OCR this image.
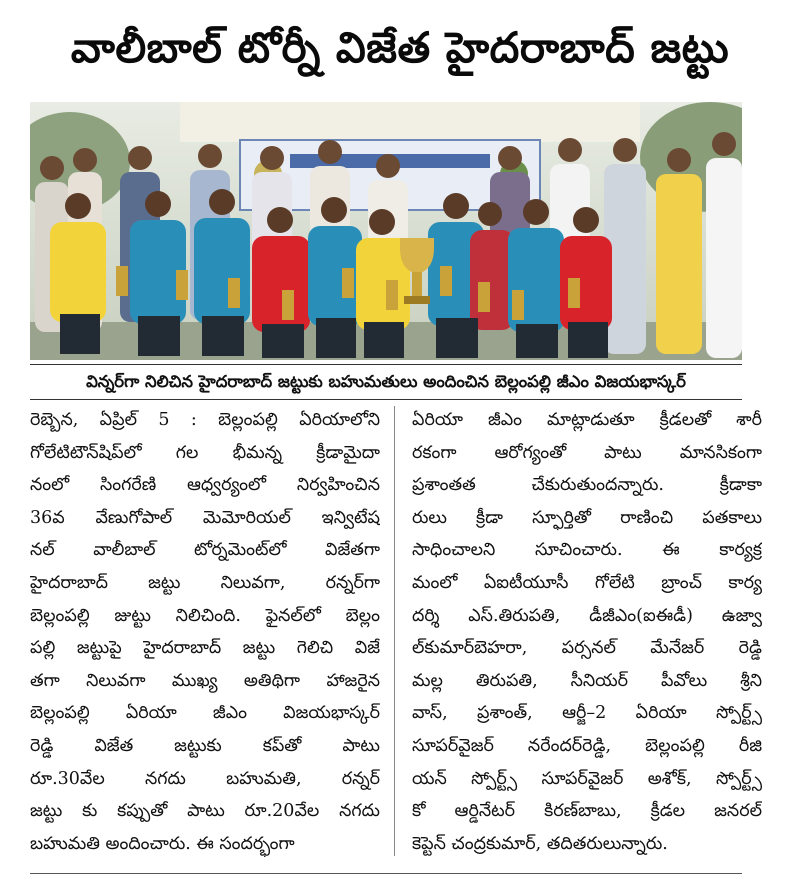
వాలీబాల్ టోర్నీ విజేత హైదరాబాద్ జట్టు
విన్నర్‌గా నిలిచిన హైదరాబాద్ జట్టుకు బహుమతులు అందించిన బెల్లంపల్లి జీఎం విజయభాస్కర్
రెబ్బెన, ఏప్రిల్ 5 : బెల్లంపల్లి ఏరియాలోని
గోలేటిటౌన్‌షిప్‌లో గల భీమన్న క్రీడామైదా
నంలో సింగరేణి ఆధ్వర్యంలో నిర్వహించిన
36వ వేణుగోపాల్ మెమోరియల్ ఇన్విటేష
నల్ వాలీబాల్ టోర్నమెంట్‌లో విజేతగా
హైదరాబాద్ జట్టు నిలువగా, రన్నర్‌గా
బెల్లంపల్లి జుట్టు నిలిచింది. ఫైనల్‌లో బెల్లం
పల్లి జట్టుపై హైదరాబాద్ జట్టు గెలిచి విజే
తగా నిలువగా ముఖ్య అతిథిగా హాజరైన
బెల్లంపల్లి ఏరియా జీఎం విజయభాస్కర్
రెడ్డి విజేత జట్టుకు కప్‌తో పాటు
రూ.30వేల నగదు బహుమతి, రన్నర్
జట్టు కు కప్పుతో పాటు రూ.20వేల నగదు
బహుమతి అందించారు. ఈ సందర్భంగా
ఏరియా జీఎం మాట్లాడుతూ క్రీడలతో శారీ
రకంగా ఆరోగ్యంతో పాటు మానసికంగా
ప్రశాంతత చేకురుతుందన్నారు. క్రీడాకా
రులు క్రీడా స్ఫూర్తితో రాణించి పతకాలు
సాధించాలని సూచించారు. ఈ కార్యక్ర
మంలో ఏఐటీయూసీ గోలేటి బ్రాంచ్ కార్య
దర్శి ఎస్.తిరుపతి, డీజీఎం(ఐఈడీ) ఉజ్వా
ల్‌కుమార్‌బెహరా, పర్సనల్ మేనేజర్ రెడ్డి
మల్ల తిరుపతి, సీనియర్ పీవోలు శ్రీని
వాస్, ప్రశాంత్, ఆర్జీ–2 ఏరియా స్పోర్ట్స్
సూపర్‌వైజర్ నరేందర్‌రెడ్డి, బెల్లంపల్లి రీజి
యన్ స్పోర్ట్స్ సూపర్‌వైజర్ అశోక్, స్పోర్ట్స్
కో ఆర్డినేటర్ కిరణ్‌బాబు, క్రీడల జనరల్
కెప్టెన్ చంద్రకుమార్, తదితరులున్నారు.
